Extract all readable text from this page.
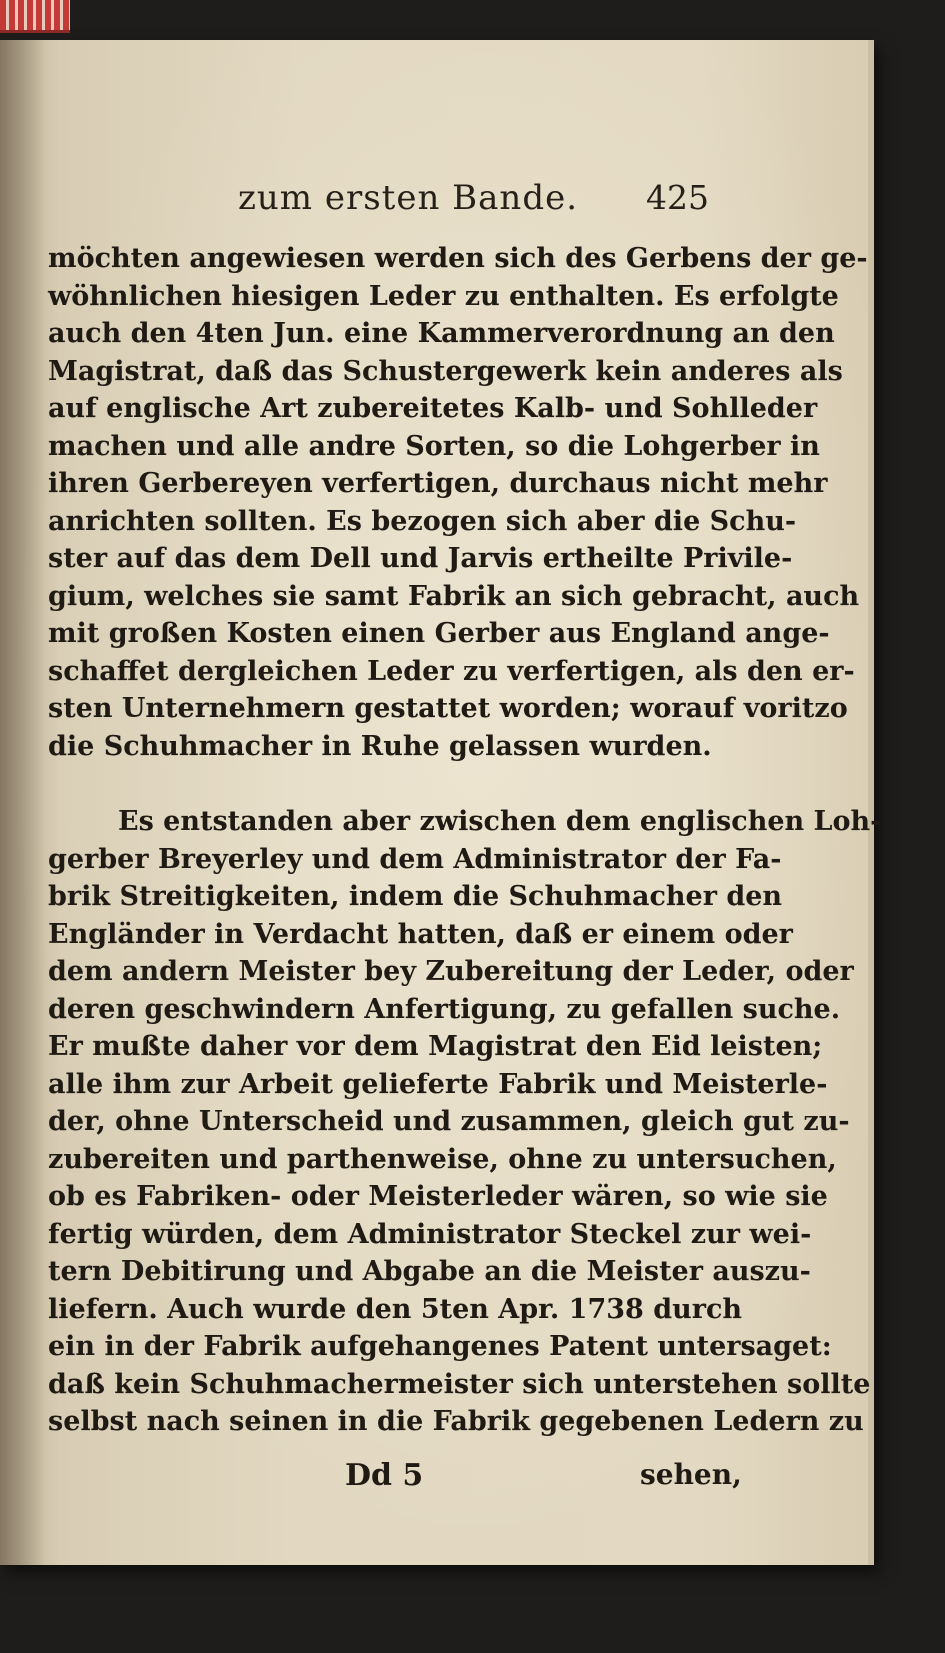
zum ersten Bande. 425
möchten angewiesen werden sich des Gerbens der ge-
wöhnlichen hiesigen Leder zu enthalten. Es erfolgte
auch den 4ten Jun. eine Kammerverordnung an den
Magistrat, daß das Schustergewerk kein anderes als
auf englische Art zubereitetes Kalb- und Sohlleder
machen und alle andre Sorten, so die Lohgerber in
ihren Gerbereyen verfertigen, durchaus nicht mehr
anrichten sollten. Es bezogen sich aber die Schu-
ster auf das dem Dell und Jarvis ertheilte Privile-
gium, welches sie samt Fabrik an sich gebracht, auch
mit großen Kosten einen Gerber aus England ange-
schaffet dergleichen Leder zu verfertigen, als den er-
sten Unternehmern gestattet worden; worauf voritzo
die Schuhmacher in Ruhe gelassen wurden.
Es entstanden aber zwischen dem englischen Loh-
gerber Breyerley und dem Administrator der Fa-
brik Streitigkeiten, indem die Schuhmacher den
Engländer in Verdacht hatten, daß er einem oder
dem andern Meister bey Zubereitung der Leder, oder
deren geschwindern Anfertigung, zu gefallen suche.
Er mußte daher vor dem Magistrat den Eid leisten;
alle ihm zur Arbeit gelieferte Fabrik und Meisterle-
der, ohne Unterscheid und zusammen, gleich gut zu-
zubereiten und parthenweise, ohne zu untersuchen,
ob es Fabriken- oder Meisterleder wären, so wie sie
fertig würden, dem Administrator Steckel zur wei-
tern Debitirung und Abgabe an die Meister auszu-
liefern. Auch wurde den 5ten Apr. 1738 durch
ein in der Fabrik aufgehangenes Patent untersaget:
daß kein Schuhmachermeister sich unterstehen sollte
selbst nach seinen in die Fabrik gegebenen Ledern zu
Dd 5	sehen,
